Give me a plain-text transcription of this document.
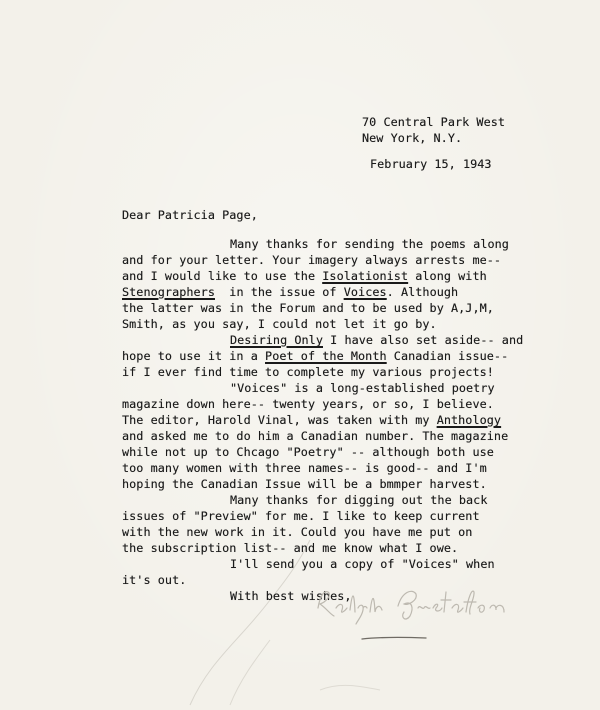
70 Central Park West
New York, N.Y.
February 15, 1943
Dear Patricia Page,
Many thanks for sending the poems along
and for your letter. Your imagery always arrests me--
and I would like to use the Isolationist along with
Stenographers  in the issue of Voices. Although
the latter was in the Forum and to be used by A,J,M,
Smith, as you say, I could not let it go by.
Desiring Only I have also set aside-- and
hope to use it in a Poet of the Month Canadian issue--
if I ever find time to complete my various projects!
"Voices" is a long-established poetry
magazine down here-- twenty years, or so, I believe.
The editor, Harold Vinal, was taken with my Anthology
and asked me to do him a Canadian number. The magazine
while not up to Chcago "Poetry" -- although both use
too many women with three names-- is good-- and I'm
hoping the Canadian Issue will be a bmmper harvest.
Many thanks for digging out the back
issues of "Preview" for me. I like to keep current
with the new work in it. Could you have me put on
the subscription list-- and me know what I owe.
I'll send you a copy of "Voices" when
it's out.
With best wishes,
